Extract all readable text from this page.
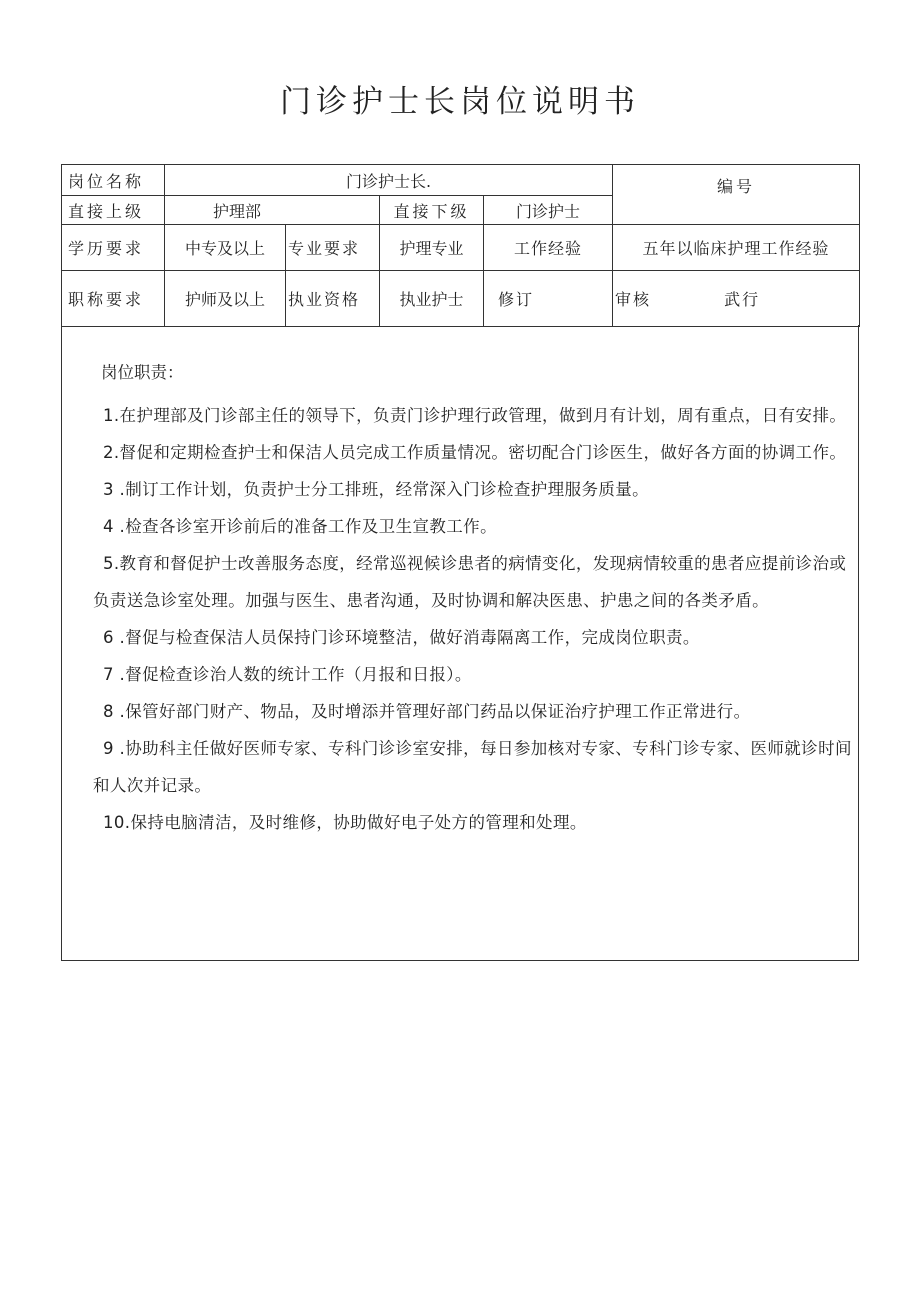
门诊护士长岗位说明书
岗位名称	门诊护士长.				编号
直接上级	护理部		直接下级	门诊护士	
学历要求	中专及以上	专业要求	护理专业	工作经验	五年以临床护理工作经验
职称要求	护师及以上	执业资格	执业护士	修订	审核 武行
岗位职责：
1.在护理部及门诊部主任的领导下，负责门诊护理行政管理，做到月有计划，周有重点，日有安排。
2.督促和定期检查护士和保洁人员完成工作质量情况。密切配合门诊医生，做好各方面的协调工作。
3 .制订工作计划，负责护士分工排班，经常深入门诊检查护理服务质量。
4 .检查各诊室开诊前后的准备工作及卫生宣教工作。
5.教育和督促护士改善服务态度，经常巡视候诊患者的病情变化，发现病情较重的患者应提前诊治或负责送急诊室处理。加强与医生、患者沟通，及时协调和解决医患、护患之间的各类矛盾。
6 .督促与检查保洁人员保持门诊环境整洁，做好消毒隔离工作，完成岗位职责。
7 .督促检查诊治人数的统计工作（月报和日报）。
8 .保管好部门财产、物品，及时增添并管理好部门药品以保证治疗护理工作正常进行。
9 .协助科主任做好医师专家、专科门诊诊室安排，每日参加核对专家、专科门诊专家、医师就诊时间和人次并记录。
10.保持电脑清洁，及时维修，协助做好电子处方的管理和处理。
